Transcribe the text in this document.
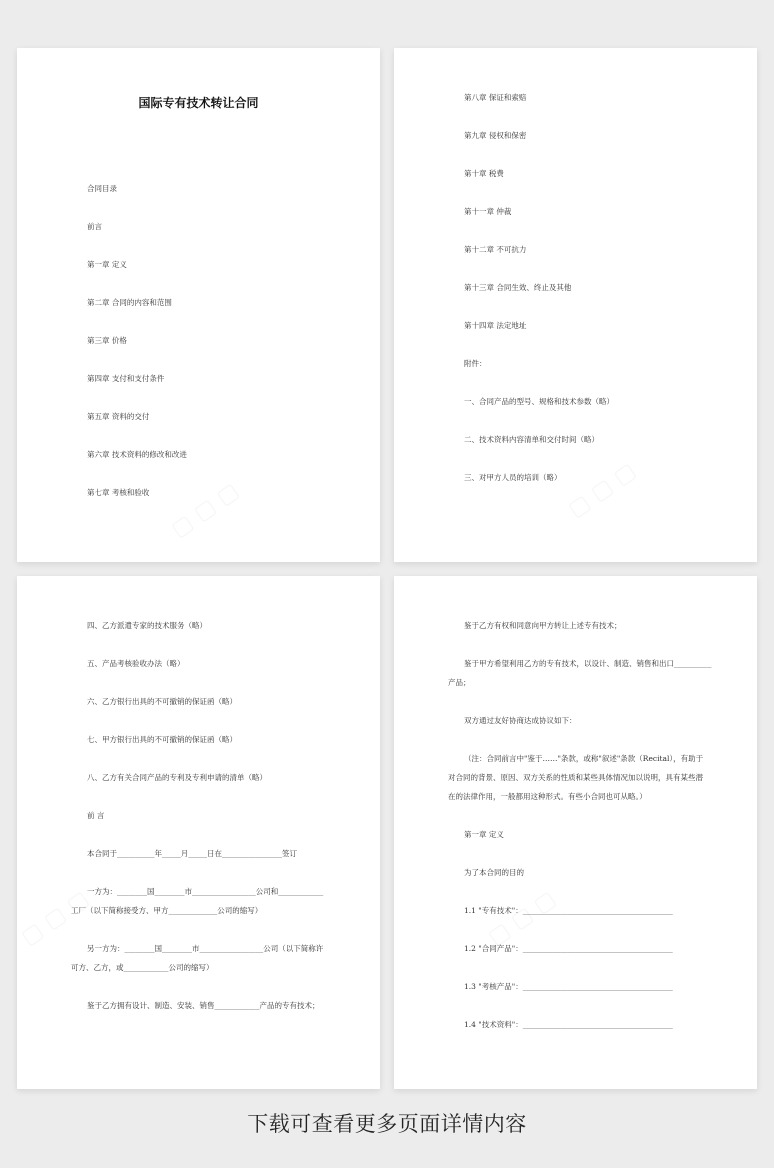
国际专有技术转让合同
合同目录
前言
第一章 定义
第二章 合同的内容和范围
第三章 价格
第四章 支付和支付条件
第五章 资料的交付
第六章 技术资料的修改和改进
第七章 考核和验收
第八章 保证和索赔
第九章 侵权和保密
第十章 税费
第十一章 仲裁
第十二章 不可抗力
第十三章 合同生效、终止及其他
第十四章 法定地址
附件：
一、合同产品的型号、规格和技术参数（略）
二、技术资料内容清单和交付时间（略）
三、对甲方人员的培训（略）
四、乙方派遣专家的技术服务（略）
五、产品考核验收办法（略）
六、乙方银行出具的不可撤销的保证函（略）
七、甲方银行出具的不可撤销的保证函（略）
八、乙方有关合同产品的专利及专利申请的清单（略）
前 言
本合同于__________年_____月_____日在________________签订
一方为：________国________市_________________公司和____________
工厂（以下简称接受方、甲方_____________公司的缩写）
另一方为：________国________市_________________公司（以下简称许
可方、乙方，或____________公司的缩写）
鉴于乙方拥有设计、制造、安装、销售____________产品的专有技术；
鉴于乙方有权和同意向甲方转让上述专有技术；
鉴于甲方希望利用乙方的专有技术，以设计、制造、销售和出口__________
产品；
双方通过友好协商达成协议如下：
（注：合同前言中"鉴于……"条款，或称"叙述"条款（Recital），有助于
对合同的背景、原因、双方关系的性质和某些具体情况加以说明，具有某些潜
在的法律作用，一般都用这种形式。有些小合同也可从略。）
第一章 定义
为了本合同的目的
1.1 "专有技术"：________________________________________
1.2 "合同产品"：________________________________________
1.3 "考核产品"：________________________________________
1.4 "技术资料"：________________________________________
下载可查看更多页面详情内容
